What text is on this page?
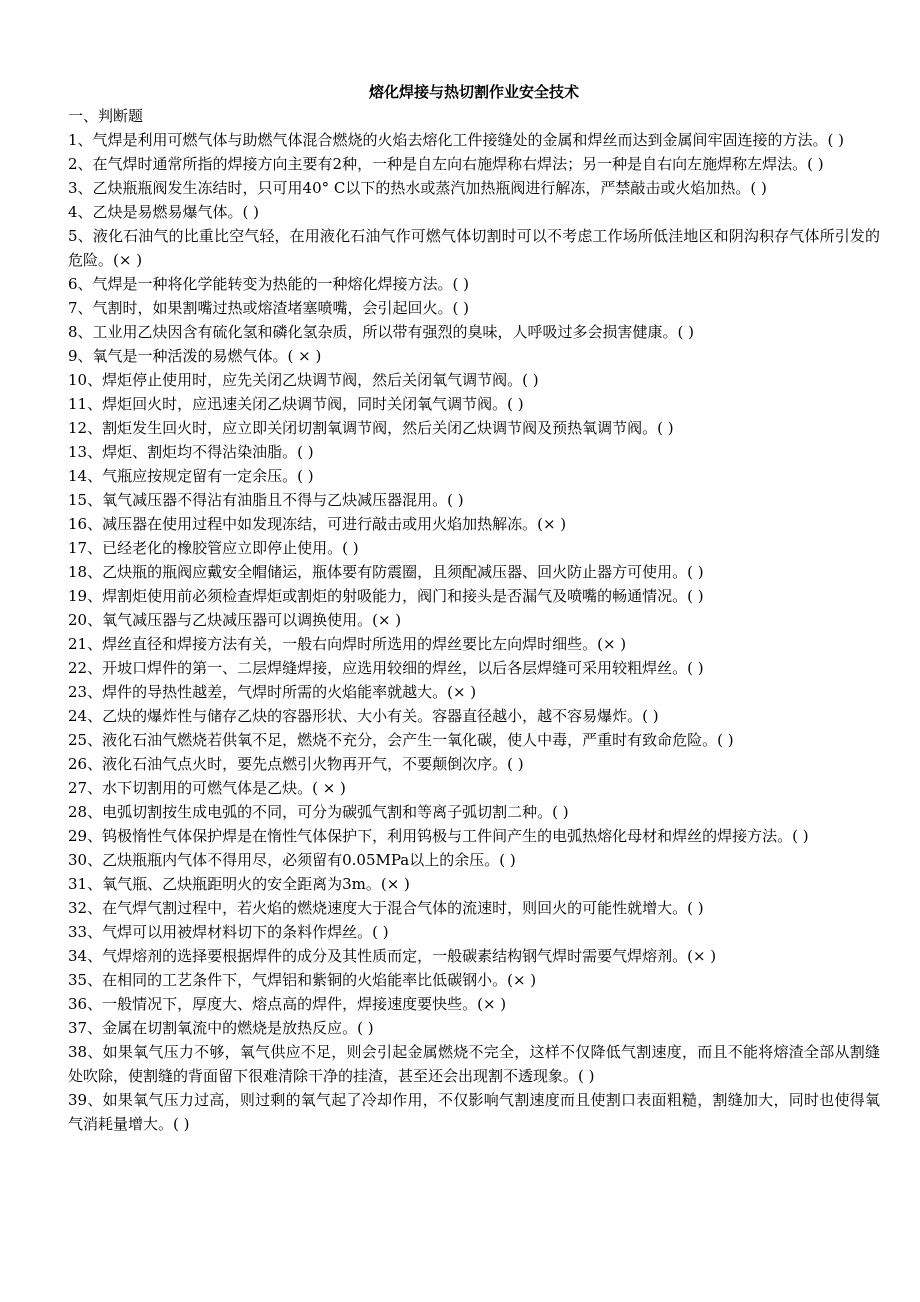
熔化焊接与热切割作业安全技术

一、判断题

1、气焊是利用可燃气体与助燃气体混合燃烧的火焰去熔化工件接缝处的金属和焊丝而达到金属间牢固连接的方法。( )
2、在气焊时通常所指的焊接方向主要有2种，一种是自左向右施焊称右焊法；另一种是自右向左施焊称左焊法。( )
3、乙炔瓶瓶阀发生冻结时，只可用40° C以下的热水或蒸汽加热瓶阀进行解冻，严禁敲击或火焰加热。( )
4、乙炔是易燃易爆气体。( )
5、液化石油气的比重比空气轻，在用液化石油气作可燃气体切割时可以不考虑工作场所低洼地区和阴沟积存气体所引发的危险。(× )
6、气焊是一种将化学能转变为热能的一种熔化焊接方法。( )
7、气割时，如果割嘴过热或熔渣堵塞喷嘴，会引起回火。( )
8、工业用乙炔因含有硫化氢和磷化氢杂质，所以带有强烈的臭味，人呼吸过多会损害健康。( )
9、氧气是一种活泼的易燃气体。( × )
10、焊炬停止使用时，应先关闭乙炔调节阀，然后关闭氧气调节阀。( )
11、焊炬回火时，应迅速关闭乙炔调节阀，同时关闭氧气调节阀。( )
12、割炬发生回火时，应立即关闭切割氧调节阀，然后关闭乙炔调节阀及预热氧调节阀。( )
13、焊炬、割炬均不得沾染油脂。( )
14、气瓶应按规定留有一定余压。( )
15、氧气减压器不得沾有油脂且不得与乙炔减压器混用。( )
16、减压器在使用过程中如发现冻结，可进行敲击或用火焰加热解冻。(× )
17、已经老化的橡胶管应立即停止使用。( )
18、乙炔瓶的瓶阀应戴安全帽储运，瓶体要有防震圈，且须配减压器、回火防止器方可使用。( )
19、焊割炬使用前必须检查焊炬或割炬的射吸能力，阀门和接头是否漏气及喷嘴的畅通情况。( )
20、氧气减压器与乙炔减压器可以调换使用。(× )
21、焊丝直径和焊接方法有关，一般右向焊时所选用的焊丝要比左向焊时细些。(× )
22、开坡口焊件的第一、二层焊缝焊接，应选用较细的焊丝，以后各层焊缝可采用较粗焊丝。( )
23、焊件的导热性越差，气焊时所需的火焰能率就越大。(× )
24、乙炔的爆炸性与储存乙炔的容器形状、大小有关。容器直径越小，越不容易爆炸。( )
25、液化石油气燃烧若供氧不足，燃烧不充分，会产生一氧化碳，使人中毒，严重时有致命危险。( )
26、液化石油气点火时，要先点燃引火物再开气，不要颠倒次序。( )
27、水下切割用的可燃气体是乙炔。( × )
28、电弧切割按生成电弧的不同，可分为碳弧气割和等离子弧切割二种。( )
29、钨极惰性气体保护焊是在惰性气体保护下，利用钨极与工件间产生的电弧热熔化母材和焊丝的焊接方法。( )
30、乙炔瓶瓶内气体不得用尽，必须留有0.05MPa以上的余压。( )
31、氧气瓶、乙炔瓶距明火的安全距离为3m。(× )
32、在气焊气割过程中，若火焰的燃烧速度大于混合气体的流速时，则回火的可能性就增大。( )
33、气焊可以用被焊材料切下的条料作焊丝。( )
34、气焊熔剂的选择要根据焊件的成分及其性质而定，一般碳素结构钢气焊时需要气焊熔剂。(× )
35、在相同的工艺条件下，气焊铝和紫铜的火焰能率比低碳钢小。(× )
36、一般情况下，厚度大、熔点高的焊件，焊接速度要快些。(× )
37、金属在切割氧流中的燃烧是放热反应。( )
38、如果氧气压力不够，氧气供应不足，则会引起金属燃烧不完全，这样不仅降低气割速度，而且不能将熔渣全部从割缝处吹除，使割缝的背面留下很难清除干净的挂渣，甚至还会出现割不透现象。( )
39、如果氧气压力过高，则过剩的氧气起了冷却作用，不仅影响气割速度而且使割口表面粗糙，割缝加大，同时也使得氧气消耗量增大。( )
